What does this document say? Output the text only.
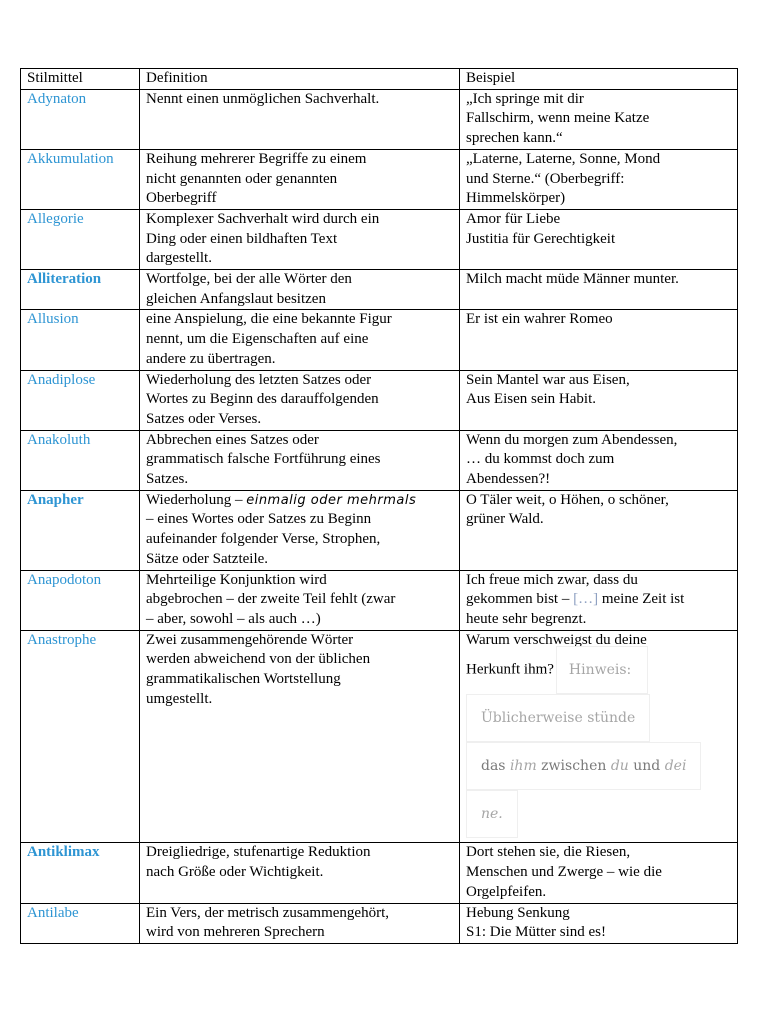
Stilmittel	Definition	Beispiel

Adynaton	Nennt einen unmöglichen Sachverhalt.	„Ich springe mit dir
Fallschirm, wenn meine Katze
sprechen kann.“

Akkumulation	Reihung mehrerer Begriffe zu einem
nicht genannten oder genannten
Oberbegriff	„Laterne, Laterne, Sonne, Mond
und Sterne.“ (Oberbegriff:
Himmelskörper)

Allegorie	Komplexer Sachverhalt wird durch ein
Ding oder einen bildhaften Text
dargestellt.	Amor für Liebe
Justitia für Gerechtigkeit

Alliteration	Wortfolge, bei der alle Wörter den
gleichen Anfangslaut besitzen	Milch macht müde Männer munter.

Allusion	eine Anspielung, die eine bekannte Figur
nennt, um die Eigenschaften auf eine
andere zu übertragen.	Er ist ein wahrer Romeo

Anadiplose	Wiederholung des letzten Satzes oder
Wortes zu Beginn des darauffolgenden
Satzes oder Verses.	Sein Mantel war aus Eisen,
Aus Eisen sein Habit.

Anakoluth	Abbrechen eines Satzes oder
grammatisch falsche Fortführung eines
Satzes.	Wenn du morgen zum Abendessen,
… du kommst doch zum
Abendessen?!

Anapher	Wiederholung – einmalig oder mehrmals
– eines Wortes oder Satzes zu Beginn
aufeinander folgender Verse, Strophen,
Sätze oder Satzteile.	O Täler weit, o Höhen, o schöner,
grüner Wald.

Anapodoton	Mehrteilige Konjunktion wird
abgebrochen – der zweite Teil fehlt (zwar
– aber, sowohl – als auch …)	Ich freue mich zwar, dass du
gekommen bist – […] meine Zeit ist
heute sehr begrenzt.

Anastrophe	Zwei zusammengehörende Wörter
werden abweichend von der üblichen
grammatikalischen Wortstellung
umgestellt.	Warum verschweigst du deine
Herkunft ihm? Hinweis:
Üblicherweise stünde
das ihm zwischen du und dei
ne.

Antiklimax	Dreigliedrige, stufenartige Reduktion
nach Größe oder Wichtigkeit.	Dort stehen sie, die Riesen,
Menschen und Zwerge – wie die
Orgelpfeifen.

Antilabe	Ein Vers, der metrisch zusammengehört,
wird von mehreren Sprechern	Hebung Senkung
S1: Die Mütter sind es!
